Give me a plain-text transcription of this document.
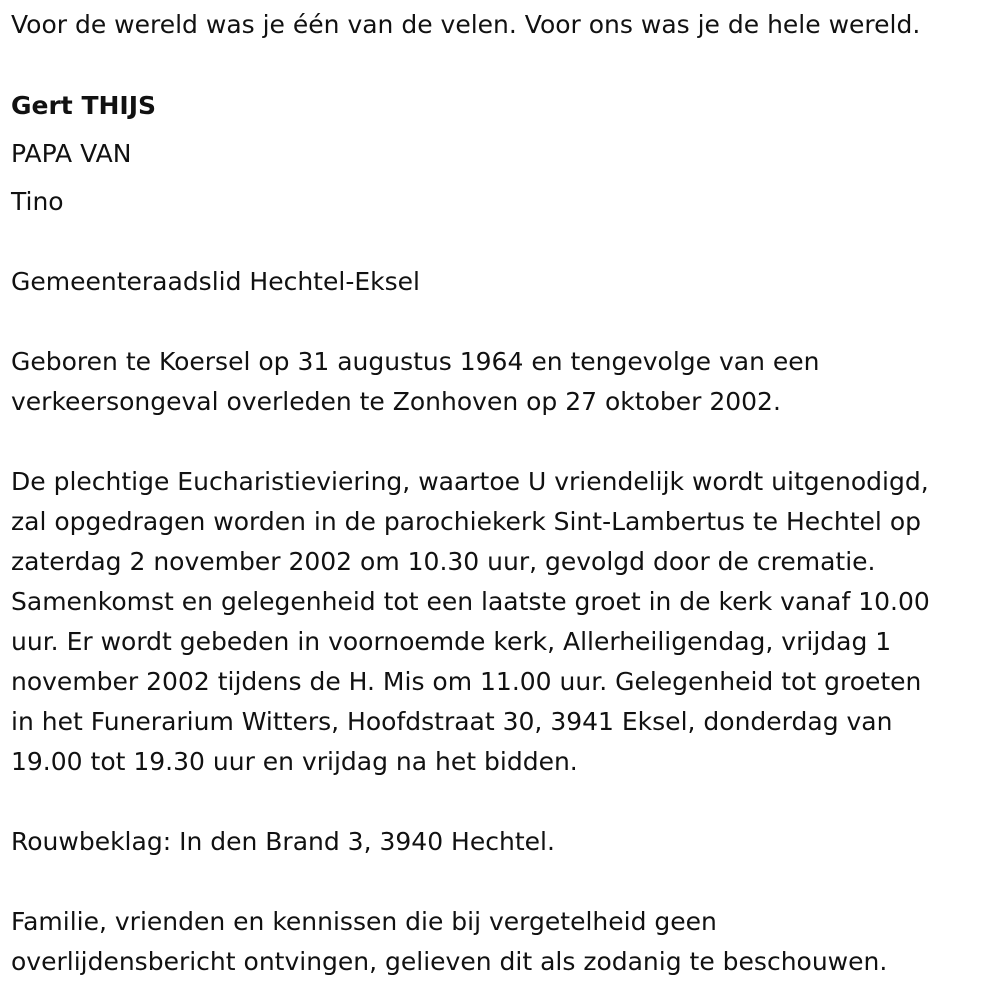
Voor de wereld was je één van de velen. Voor ons was je de hele wereld.
Gert THIJS
PAPA VAN
Tino
Gemeenteraadslid Hechtel-Eksel
Geboren te Koersel op 31 augustus 1964 en tengevolge van een
verkeersongeval overleden te Zonhoven op 27 oktober 2002.
De plechtige Eucharistieviering, waartoe U vriendelijk wordt uitgenodigd,
zal opgedragen worden in de parochiekerk Sint-Lambertus te Hechtel op
zaterdag 2 november 2002 om 10.30 uur, gevolgd door de crematie.
Samenkomst en gelegenheid tot een laatste groet in de kerk vanaf 10.00
uur. Er wordt gebeden in voornoemde kerk, Allerheiligendag, vrijdag 1
november 2002 tijdens de H. Mis om 11.00 uur. Gelegenheid tot groeten
in het Funerarium Witters, Hoofdstraat 30, 3941 Eksel, donderdag van
19.00 tot 19.30 uur en vrijdag na het bidden.
Rouwbeklag: In den Brand 3, 3940 Hechtel.
Familie, vrienden en kennissen die bij vergetelheid geen
overlijdensbericht ontvingen, gelieven dit als zodanig te beschouwen.
